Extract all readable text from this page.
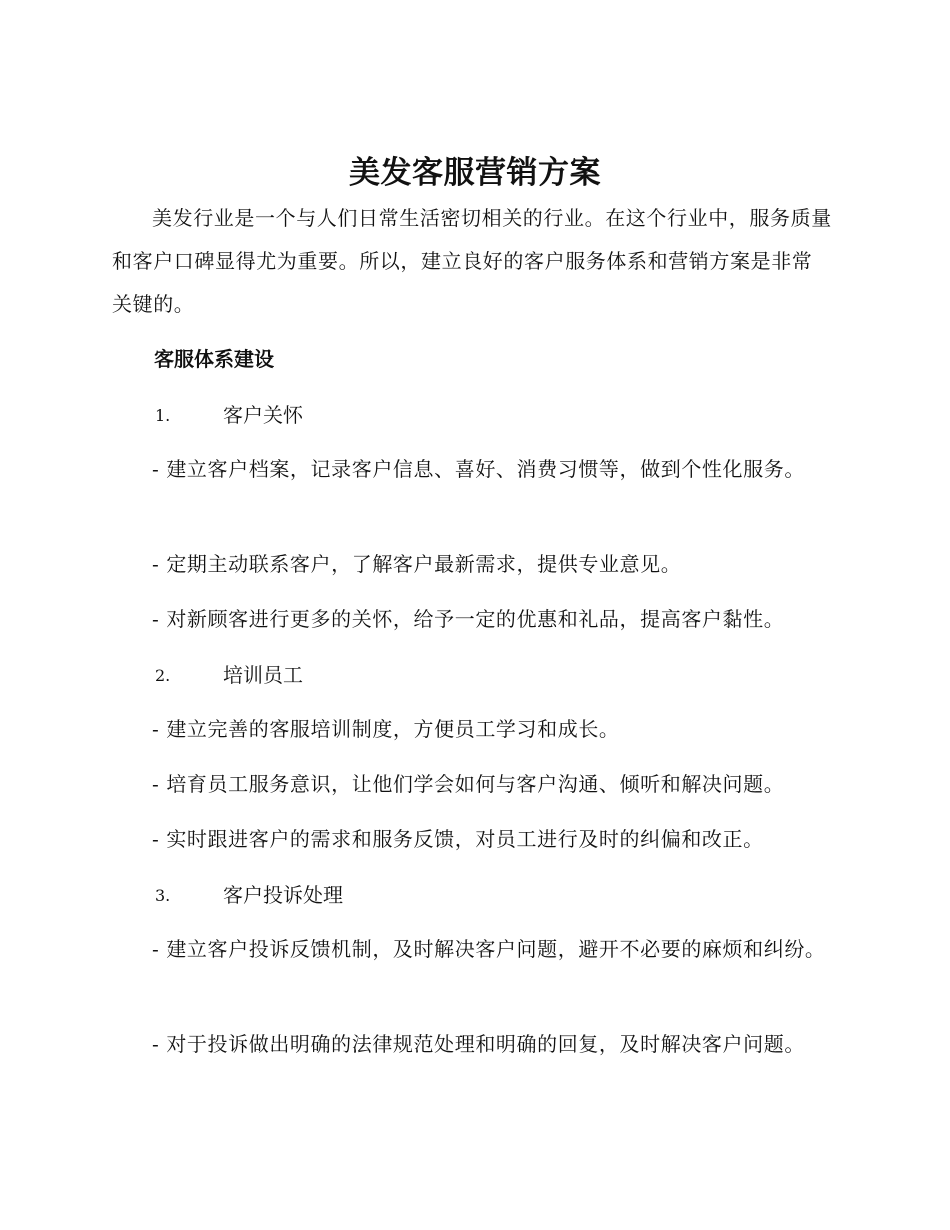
美发客服营销方案
美发行业是一个与人们日常生活密切相关的行业。在这个行业中，服务质量和客户口碑显得尤为重要。所以，建立良好的客户服务体系和营销方案是非常关键的。
客服体系建设
1.	客户关怀
- 建立客户档案，记录客户信息、喜好、消费习惯等，做到个性化服务。
- 定期主动联系客户，了解客户最新需求，提供专业意见。
- 对新顾客进行更多的关怀，给予一定的优惠和礼品，提高客户黏性。
2.	培训员工
- 建立完善的客服培训制度，方便员工学习和成长。
- 培育员工服务意识，让他们学会如何与客户沟通、倾听和解决问题。
- 实时跟进客户的需求和服务反馈，对员工进行及时的纠偏和改正。
3.	客户投诉处理
- 建立客户投诉反馈机制，及时解决客户问题，避开不必要的麻烦和纠纷。
- 对于投诉做出明确的法律规范处理和明确的回复，及时解决客户问题。
